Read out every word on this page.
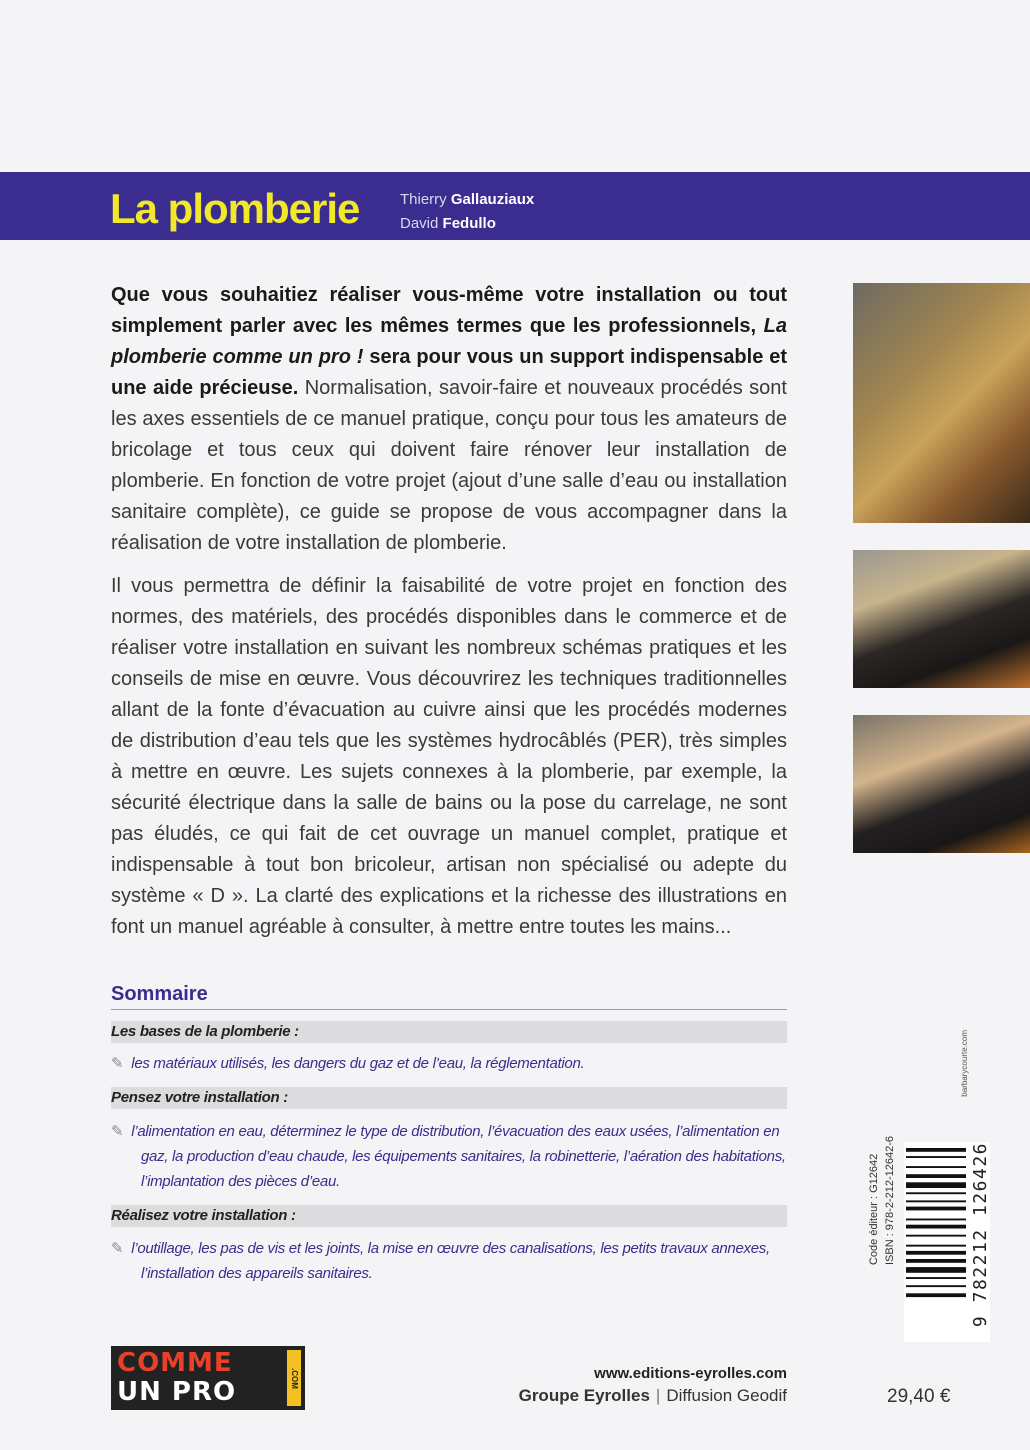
La plomberie	Thierry Gallauziaux
David Fedullo

Que vous souhaitiez réaliser vous-même votre installation ou tout simplement parler avec les mêmes termes que les professionnels, La plomberie comme un pro ! sera pour vous un support indispensable et une aide précieuse. Normalisation, savoir-faire et nouveaux procédés sont les axes essentiels de ce manuel pratique, conçu pour tous les amateurs de bricolage et tous ceux qui doivent faire rénover leur installation de plomberie. En fonction de votre projet (ajout d’une salle d’eau ou installation sanitaire complète), ce guide se propose de vous accompagner dans la réalisation de votre installation de plomberie.

Il vous permettra de définir la faisabilité de votre projet en fonction des normes, des matériels, des procédés disponibles dans le commerce et de réaliser votre installation en suivant les nombreux schémas pratiques et les conseils de mise en œuvre. Vous découvrirez les techniques traditionnelles allant de la fonte d’évacuation au cuivre ainsi que les procédés modernes de distribution d’eau tels que les systèmes hydrocâblés (PER), très simples à mettre en œuvre. Les sujets connexes à la plomberie, par exemple, la sécurité électrique dans la salle de bains ou la pose du carrelage, ne sont pas éludés, ce qui fait de cet ouvrage un manuel complet, pratique et indispensable à tout bon bricoleur, artisan non spécialisé ou adepte du système « D ». La clarté des explications et la richesse des illustrations en font un manuel agréable à consulter, à mettre entre toutes les mains...

Sommaire
Les bases de la plomberie :
✎ les matériaux utilisés, les dangers du gaz et de l’eau, la réglementation.
Pensez votre installation :
✎ l’alimentation en eau, déterminez le type de distribution, l’évacuation des eaux usées, l’alimentation en
gaz, la production d’eau chaude, les équipements sanitaires, la robinetterie, l’aération des habitations,
l’implantation des pièces d’eau.
Réalisez votre installation :
✎ l’outillage, les pas de vis et les joints, la mise en œuvre des canalisations, les petits travaux annexes,
l’installation des appareils sanitaires.
COMME
UN PRO	.COM	www.editions-eyrolles.com
Groupe Eyrolles | Diffusion Geodif	29,40 €
barbarycourte.com
Code éditeur : G12642 ISBN : 978-2-212-12642-6	9 782212 126426
